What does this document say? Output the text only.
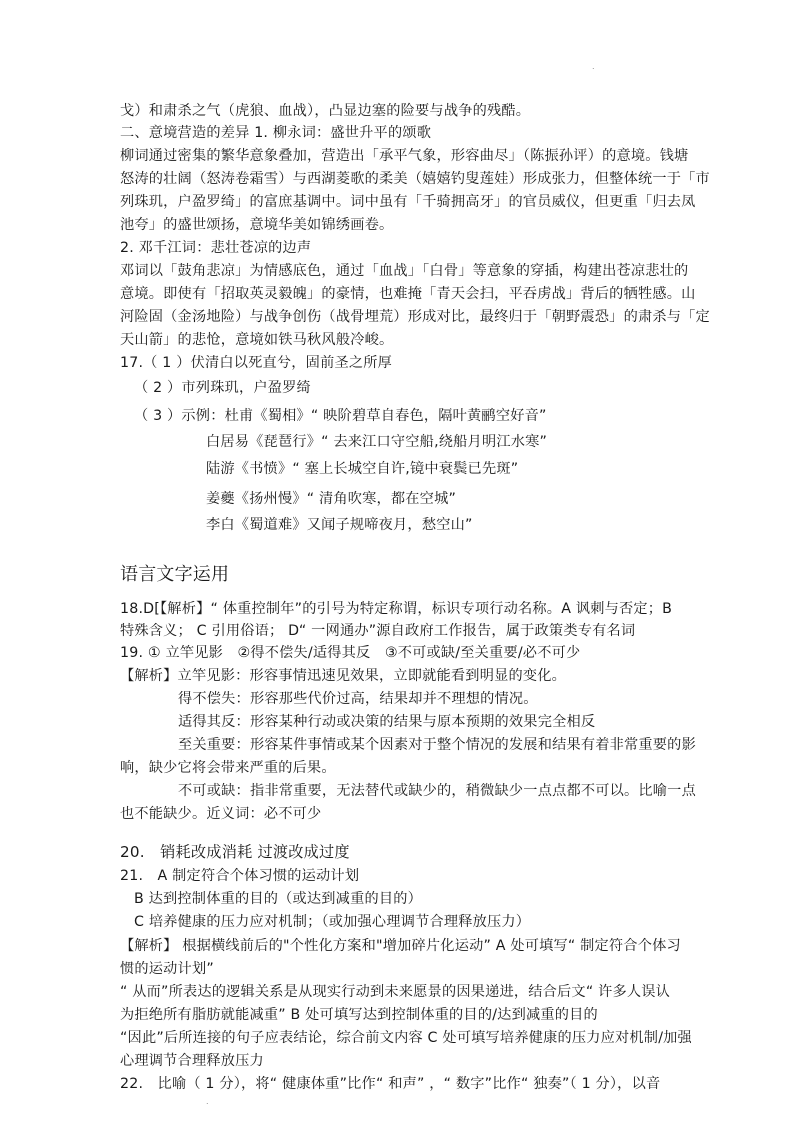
.
戈）和肃杀之气（虎狼、血战），凸显边塞的险要与战争的残酷。
二、意境营造的差异 1. 柳永词：盛世升平的颂歌
柳词通过密集的繁华意象叠加，营造出「承平气象，形容曲尽」（陈振孙评）的意境。钱塘
怒涛的壮阔（怒涛卷霜雪）与西湖菱歌的柔美（嬉嬉钓叟莲娃）形成张力，但整体统一于「市
列珠玑，户盈罗绮」的富庶基调中。词中虽有「千骑拥高牙」的官员威仪，但更重「归去凤
池夸」的盛世颂扬，意境华美如锦绣画卷。
2. 邓千江词：悲壮苍凉的边声
邓词以「鼓角悲凉」为情感底色，通过「血战」「白骨」等意象的穿插，构建出苍凉悲壮的
意境。即使有「招取英灵毅魄」的豪情，也难掩「青天会扫，平吞虏战」背后的牺牲感。山
河险固（金汤地险）与战争创伤（战骨埋荒）形成对比，最终归于「朝野震恐」的肃杀与「定
天山箭」的悲怆，意境如铁马秋风般冷峻。
17.（ 1 ）伏清白以死直兮，固前圣之所厚
（ 2 ）市列珠玑，户盈罗绮
（ 3 ）示例：杜甫《蜀相》“ 映阶碧草自春色，隔叶黄鹂空好音”
白居易《琵琶行》“ 去来江口守空船,绕船月明江水寒”
陆游《书愤》“ 塞上长城空自许,镜中衰鬓已先斑”
姜夔《扬州慢》“ 清角吹寒，都在空城”
李白《蜀道难》又闻子规啼夜月，愁空山”
语言文字运用
18.D[【解析】“ 体重控制年”的引号为特定称谓，标识专项行动名称。A 讽刺与否定；B
特殊含义； C 引用俗语； D“ 一网通办”源自政府工作报告，属于政策类专有名词
19. ① 立竿见影　②得不偿失/适得其反　③不可或缺/至关重要/必不可少
【解析】立竿见影：形容事情迅速见效果，立即就能看到明显的变化。
得不偿失：形容那些代价过高，结果却并不理想的情况。
适得其反：形容某种行动或决策的结果与原本预期的效果完全相反
至关重要：形容某件事情或某个因素对于整个情况的发展和结果有着非常重要的影
响，缺少它将会带来严重的后果。
不可或缺：指非常重要，无法替代或缺少的，稍微缺少一点点都不可以。比喻一点
也不能缺少。近义词：必不可少
20.　销耗改成消耗 过渡改成过度
21.　A 制定符合个体习惯的运动计划
B 达到控制体重的目的（或达到减重的目的）
C 培养健康的压力应对机制；（或加强心理调节合理释放压力）
【解析】 根据横线前后的"个性化方案和"增加碎片化运动” A 处可填写“ 制定符合个体习
惯的运动计划”
“ 从而”所表达的逻辑关系是从现实行动到未来愿景的因果递进，结合后文“ 许多人误认
为拒绝所有脂肪就能减重” B 处可填写达到控制体重的目的/达到减重的目的
“因此”后所连接的句子应表结论，综合前文内容 C 处可填写培养健康的压力应对机制/加强
心理调节合理释放压力
22.　比喻（ 1 分），将“ 健康体重”比作“ 和声” ，“ 数字”比作“ 独奏”（ 1 分），以音
.
